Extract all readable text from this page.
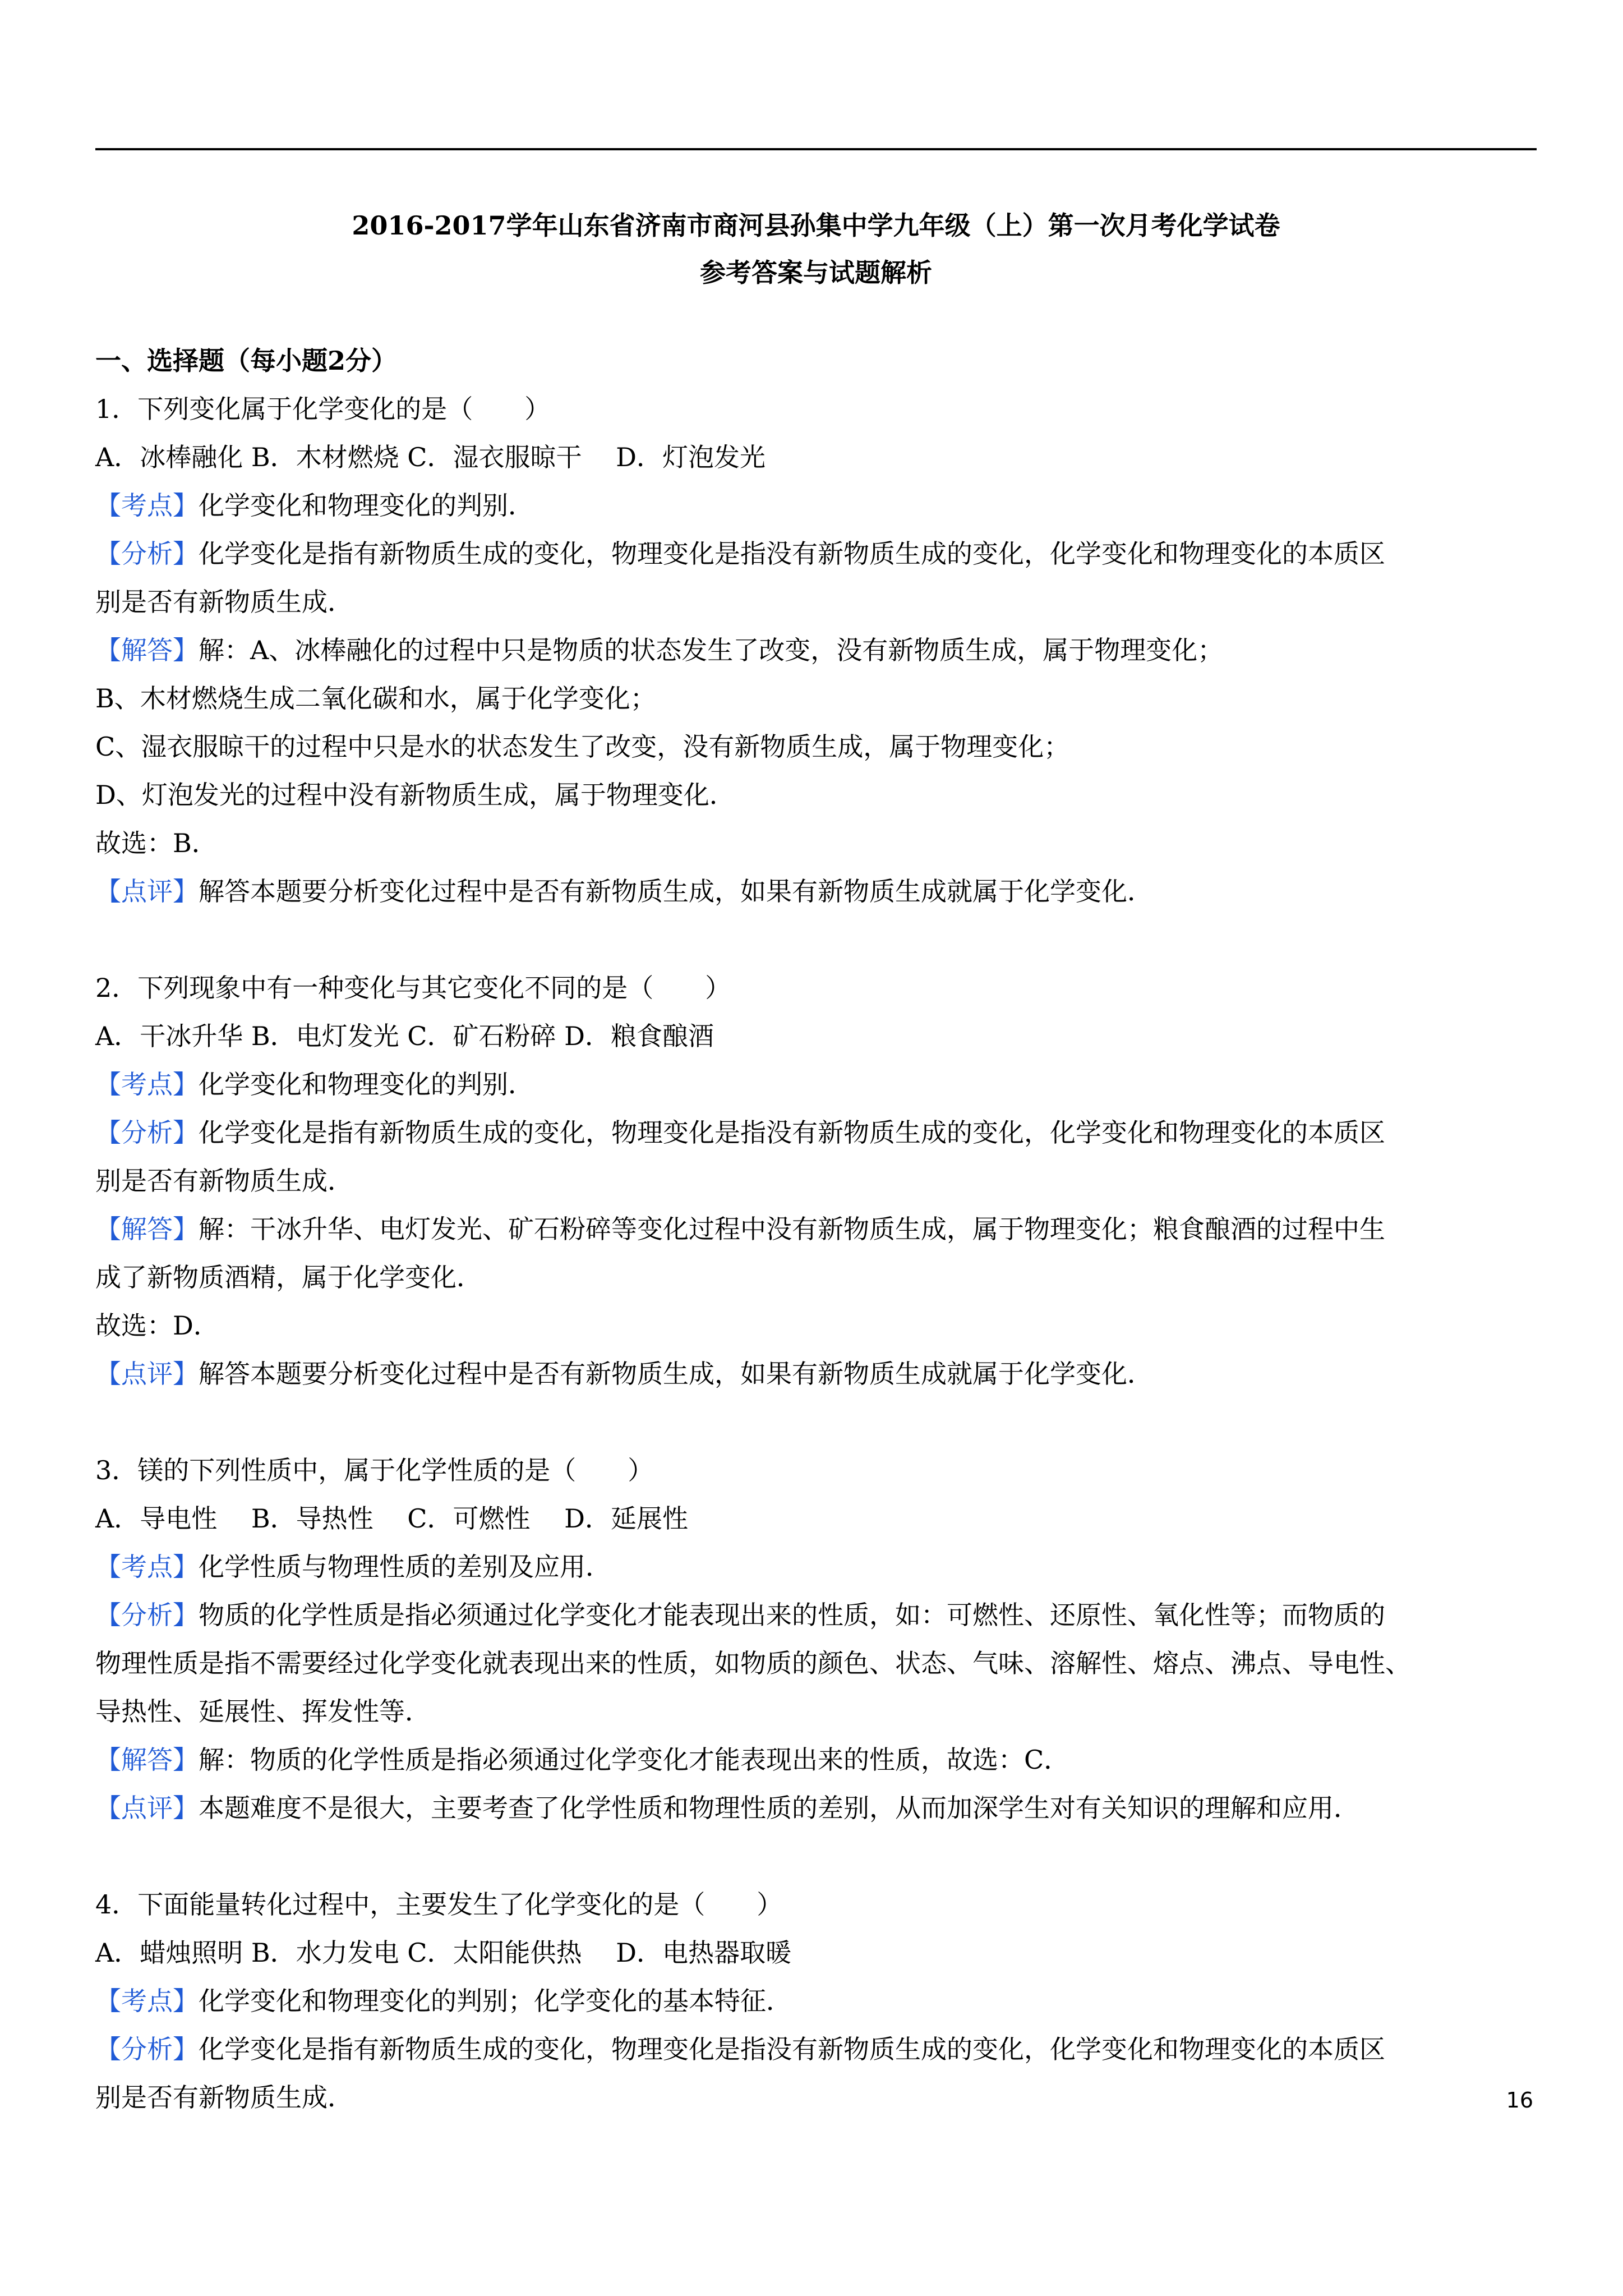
2016-2017学年山东省济南市商河县孙集中学九年级（上）第一次月考化学试卷
参考答案与试题解析
一、选择题（每小题2分）
1．下列变化属于化学变化的是（　　）
A．冰棒融化 B．木材燃烧 C．湿衣服晾干　 D．灯泡发光
【考点】化学变化和物理变化的判别．
【分析】化学变化是指有新物质生成的变化，物理变化是指没有新物质生成的变化，化学变化和物理变化的本质区
别是否有新物质生成．
【解答】解：A、冰棒融化的过程中只是物质的状态发生了改变，没有新物质生成，属于物理变化；
B、木材燃烧生成二氧化碳和水，属于化学变化；
C、湿衣服晾干的过程中只是水的状态发生了改变，没有新物质生成，属于物理变化；
D、灯泡发光的过程中没有新物质生成，属于物理变化．
故选：B．
【点评】解答本题要分析变化过程中是否有新物质生成，如果有新物质生成就属于化学变化．
2．下列现象中有一种变化与其它变化不同的是（　　）
A．干冰升华 B．电灯发光 C．矿石粉碎 D．粮食酿酒
【考点】化学变化和物理变化的判别．
【分析】化学变化是指有新物质生成的变化，物理变化是指没有新物质生成的变化，化学变化和物理变化的本质区
别是否有新物质生成．
【解答】解：干冰升华、电灯发光、矿石粉碎等变化过程中没有新物质生成，属于物理变化；粮食酿酒的过程中生
成了新物质酒精，属于化学变化．
故选：D．
【点评】解答本题要分析变化过程中是否有新物质生成，如果有新物质生成就属于化学变化．
3．镁的下列性质中，属于化学性质的是（　　）
A．导电性　 B．导热性　 C．可燃性　 D．延展性
【考点】化学性质与物理性质的差别及应用．
【分析】物质的化学性质是指必须通过化学变化才能表现出来的性质，如：可燃性、还原性、氧化性等；而物质的
物理性质是指不需要经过化学变化就表现出来的性质，如物质的颜色、状态、气味、溶解性、熔点、沸点、导电性、
导热性、延展性、挥发性等．
【解答】解：物质的化学性质是指必须通过化学变化才能表现出来的性质，故选：C．
【点评】本题难度不是很大，主要考查了化学性质和物理性质的差别，从而加深学生对有关知识的理解和应用．
4．下面能量转化过程中，主要发生了化学变化的是（　　）
A．蜡烛照明 B．水力发电 C．太阳能供热　 D．电热器取暖
【考点】化学变化和物理变化的判别；化学变化的基本特征．
【分析】化学变化是指有新物质生成的变化，物理变化是指没有新物质生成的变化，化学变化和物理变化的本质区
别是否有新物质生成．	16
